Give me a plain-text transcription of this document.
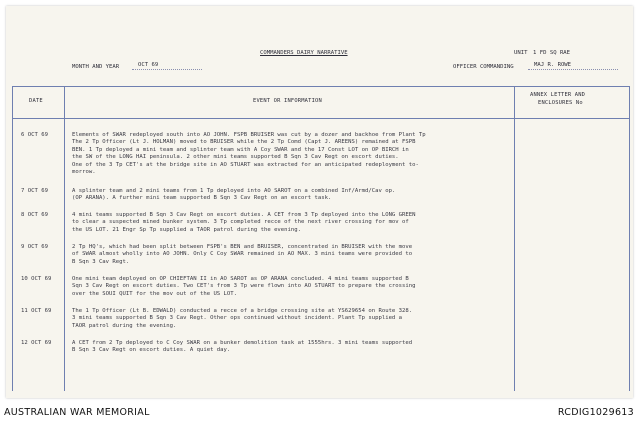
COMMANDERS DAIRY NARRATIVE	UNIT 1 FD SQ RAE
MONTH AND YEAR	OCT 69	OFFICER COMMANDING	MAJ R. ROWE
DATE	EVENT OR INFORMATION
ANNEX LETTER AND
ENCLOSURES No
6 OCT 69	Elements of SWAR redeployed south into AO JOHN. FSPB BRUISER was cut by a dozer and backhoe from Plant Tp
The 2 Tp Officer (Lt J. HOLMAN) moved to BRUISER while the 2 Tp Comd (Capt J. AREENS) remained at FSPB
BEN. 1 Tp deployed a mini team and splinter team with A Coy SWAR and the 17 Const LOT on OP BIRCH in
the SW of the LONG HAI peninsula. 2 other mini teams supported B Sqn 3 Cav Regt on escort duties.
One of the 3 Tp CET's at the bridge site in AO STUART was extracted for an anticipated redeployment to-
morrow.
7 OCT 69	A splinter team and 2 mini teams from 1 Tp deployed into AO SAROT on a combined Inf/Armd/Cav op.
(OP ARANA). A further mini team supported B Sqn 3 Cav Regt on an escort task.
8 OCT 69	4 mini teams supported B Sqn 3 Cav Regt on escort duties. A CET from 3 Tp deployed into the LONG GREEN
to clear a suspected mined bunker system. 3 Tp completed recce of the next river crossing for mov of
the US LOT. 21 Engr Sp Tp supplied a TAOR patrol during the evening.
9 OCT 69	2 Tp HQ's, which had been split between FSPB's BEN and BRUISER, concentrated in BRUISER with the move
of SWAR almost wholly into AO JOHN. Only C Coy SWAR remained in AO MAX. 3 mini teams were provided to
B Sqn 3 Cav Regt.
10 OCT 69	One mini team deployed on OP CHIEFTAN II in AO SAROT as OP ARANA concluded. 4 mini teams supported B
Sqn 3 Cav Regt on escort duties. Two CET's from 3 Tp were flown into AO STUART to prepare the crossing
over the SOUI QUIT for the mov out of the US LOT.
11 OCT 69	The 1 Tp Officer (Lt B. EDWALD) conducted a recce of a bridge crossing site at YS629654 on Route 328.
3 mini teams supported B Sqn 3 Cav Regt. Other ops continued without incident. Plant Tp supplied a
TAOR patrol during the evening.
12 OCT 69	A CET from 2 Tp deployed to C Coy SWAR on a bunker demolition task at 1555hrs. 3 mini teams supported
B Sqn 3 Cav Regt on escort duties. A quiet day.
AUSTRALIAN WAR MEMORIAL	RCDIG1029613
